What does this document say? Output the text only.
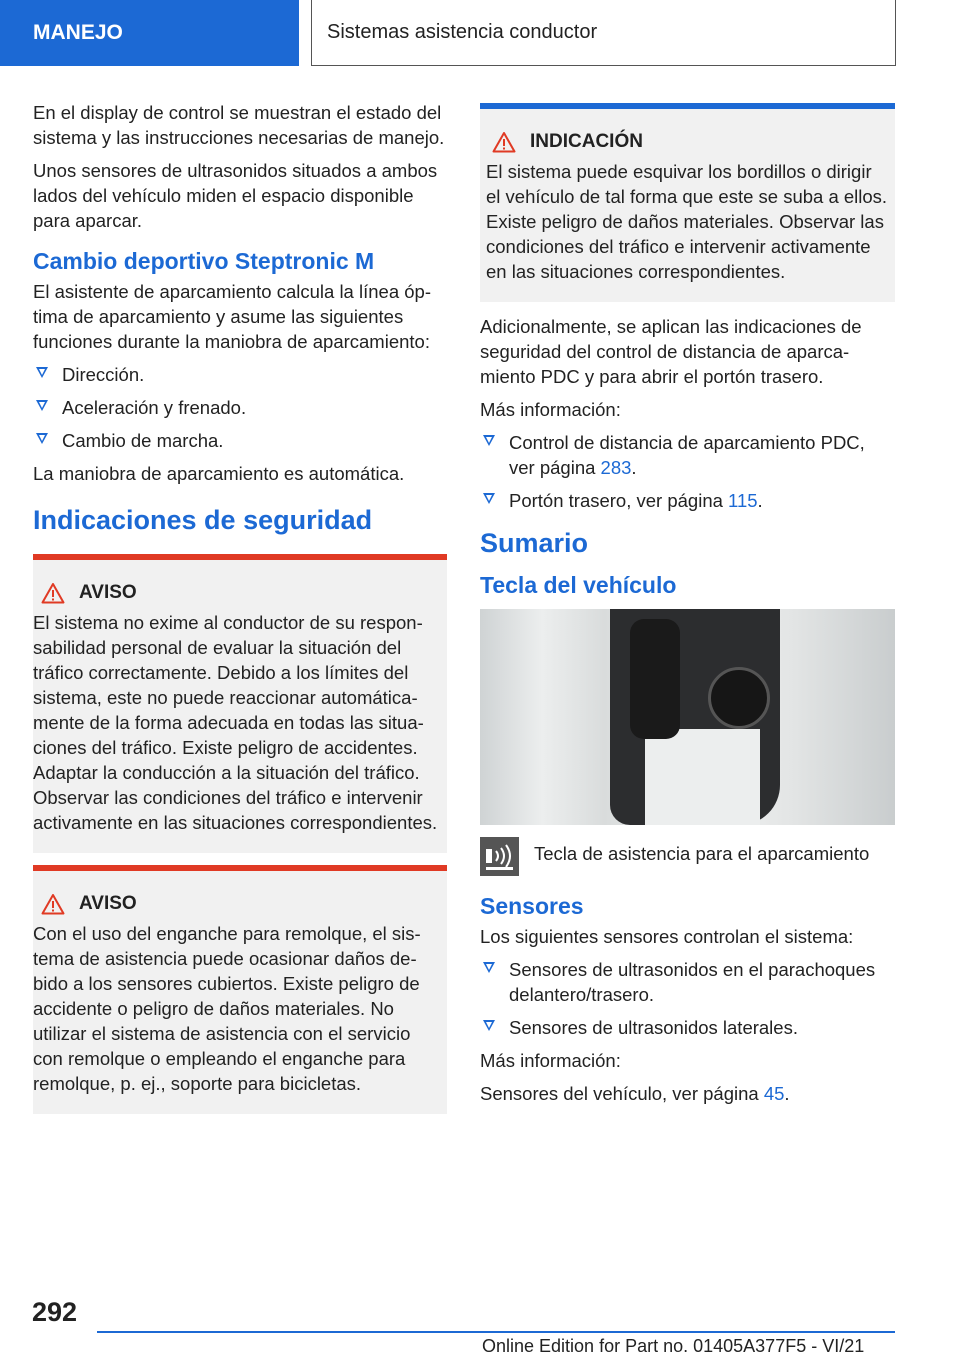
MANEJO	Sistemas asistencia conductor

En el display de control se muestran el estado del sistema y las instrucciones necesarias de manejo.

Unos sensores de ultrasonidos situados a ambos lados del vehículo miden el espacio disponible para aparcar.

Cambio deportivo Steptronic M

El asistente de aparcamiento calcula la línea óptima de aparcamiento y asume las siguientes funciones durante la maniobra de aparcamiento:

Dirección.
Aceleración y frenado.
Cambio de marcha.

La maniobra de aparcamiento es automática.

Indicaciones de seguridad
AVISO

El sistema no exime al conductor de su responsabilidad personal de evaluar la situación del tráfico correctamente. Debido a los límites del sistema, este no puede reaccionar automáticamente de la forma adecuada en todas las situaciones del tráfico. Existe peligro de accidentes. Adaptar la conducción a la situación del tráfico. Observar las condiciones del tráfico e intervenir activamente en las situaciones correspondientes.

AVISO

Con el uso del enganche para remolque, el sistema de asistencia puede ocasionar daños debido a los sensores cubiertos. Existe peligro de accidente o peligro de daños materiales. No utilizar el sistema de asistencia con el servicio con remolque o empleando el enganche para remolque, p. ej., soporte para bicicletas.

INDICACIÓN

El sistema puede esquivar los bordillos o dirigir el vehículo de tal forma que este se suba a ellos. Existe peligro de daños materiales. Observar las condiciones del tráfico e intervenir activamente en las situaciones correspondientes.

Adicionalmente, se aplican las indicaciones de seguridad del control de distancia de aparcamiento PDC y para abrir el portón trasero.

Más información:

Control de distancia de aparcamiento PDC, ver página 283.
Portón trasero, ver página 115.
Sumario
Tecla del vehículo

Tecla de asistencia para el aparcamiento

Sensores

Los siguientes sensores controlan el sistema:

Sensores de ultrasonidos en el parachoques delantero/trasero.
Sensores de ultrasonidos laterales.

Más información:

Sensores del vehículo, ver página 45.

292
Online Edition for Part no. 01405A377F5 - VI/21
